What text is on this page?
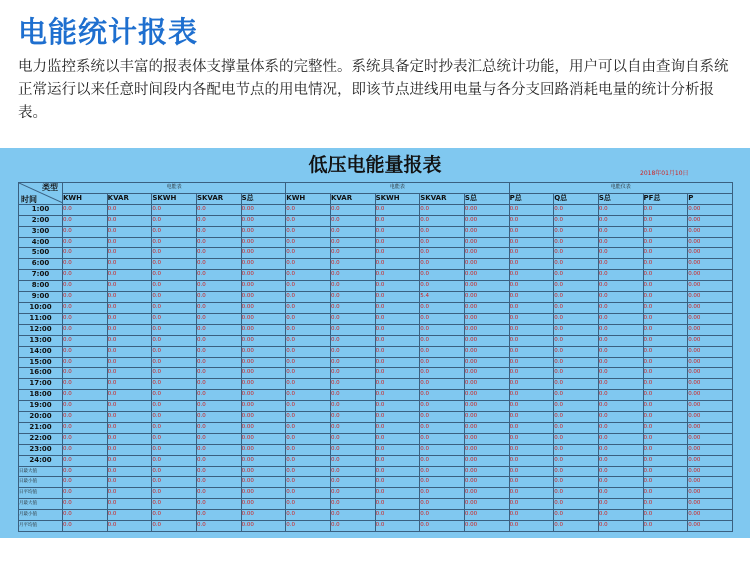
电能统计报表

电力监控系统以丰富的报表体支撑量体系的完整性。系统具备定时抄表汇总统计功能，用户可以自由查询自系统正常运行以来任意时间段内各配电节点的用电情况，即该节点进线用电量与各分支回路消耗电量的统计分析报表。

低压电能量报表	2018年01月10日
类型
时间	电能表					电能表					电能仪表				
	KWH	KVAR	SKWH	SKVAR	S总	KWH	KVAR	SKWH	SKVAR	S总	P总	Q总	S总	PF总	P
1:00	0.0	0.0	0.0	0.0	0.00	0.0	0.0	0.0	0.0	0.00	0.0	0.0	0.0	0.0	0.00
2:00	0.0	0.0	0.0	0.0	0.00	0.0	0.0	0.0	0.0	0.00	0.0	0.0	0.0	0.0	0.00
3:00	0.0	0.0	0.0	0.0	0.00	0.0	0.0	0.0	0.0	0.00	0.0	0.0	0.0	0.0	0.00
4:00	0.0	0.0	0.0	0.0	0.00	0.0	0.0	0.0	0.0	0.00	0.0	0.0	0.0	0.0	0.00
5:00	0.0	0.0	0.0	0.0	0.00	0.0	0.0	0.0	0.0	0.00	0.0	0.0	0.0	0.0	0.00
6:00	0.0	0.0	0.0	0.0	0.00	0.0	0.0	0.0	0.0	0.00	0.0	0.0	0.0	0.0	0.00
7:00	0.0	0.0	0.0	0.0	0.00	0.0	0.0	0.0	0.0	0.00	0.0	0.0	0.0	0.0	0.00
8:00	0.0	0.0	0.0	0.0	0.00	0.0	0.0	0.0	0.0	0.00	0.0	0.0	0.0	0.0	0.00
9:00	0.0	0.0	0.0	0.0	0.00	0.0	0.0	0.0	5.4	0.00	0.0	0.0	0.0	0.0	0.00
10:00	0.0	0.0	0.0	0.0	0.00	0.0	0.0	0.0	0.0	0.00	0.0	0.0	0.0	0.0	0.00
11:00	0.0	0.0	0.0	0.0	0.00	0.0	0.0	0.0	0.0	0.00	0.0	0.0	0.0	0.0	0.00
12:00	0.0	0.0	0.0	0.0	0.00	0.0	0.0	0.0	0.0	0.00	0.0	0.0	0.0	0.0	0.00
13:00	0.0	0.0	0.0	0.0	0.00	0.0	0.0	0.0	0.0	0.00	0.0	0.0	0.0	0.0	0.00
14:00	0.0	0.0	0.0	0.0	0.00	0.0	0.0	0.0	0.0	0.00	0.0	0.0	0.0	0.0	0.00
15:00	0.0	0.0	0.0	0.0	0.00	0.0	0.0	0.0	0.0	0.00	0.0	0.0	0.0	0.0	0.00
16:00	0.0	0.0	0.0	0.0	0.00	0.0	0.0	0.0	0.0	0.00	0.0	0.0	0.0	0.0	0.00
17:00	0.0	0.0	0.0	0.0	0.00	0.0	0.0	0.0	0.0	0.00	0.0	0.0	0.0	0.0	0.00
18:00	0.0	0.0	0.0	0.0	0.00	0.0	0.0	0.0	0.0	0.00	0.0	0.0	0.0	0.0	0.00
19:00	0.0	0.0	0.0	0.0	0.00	0.0	0.0	0.0	0.0	0.00	0.0	0.0	0.0	0.0	0.00
20:00	0.0	0.0	0.0	0.0	0.00	0.0	0.0	0.0	0.0	0.00	0.0	0.0	0.0	0.0	0.00
21:00	0.0	0.0	0.0	0.0	0.00	0.0	0.0	0.0	0.0	0.00	0.0	0.0	0.0	0.0	0.00
22:00	0.0	0.0	0.0	0.0	0.00	0.0	0.0	0.0	0.0	0.00	0.0	0.0	0.0	0.0	0.00
23:00	0.0	0.0	0.0	0.0	0.00	0.0	0.0	0.0	0.0	0.00	0.0	0.0	0.0	0.0	0.00
24:00	0.0	0.0	0.0	0.0	0.00	0.0	0.0	0.0	0.0	0.00	0.0	0.0	0.0	0.0	0.00
日最大值	0.0	0.0	0.0	0.0	0.00	0.0	0.0	0.0	0.0	0.00	0.0	0.0	0.0	0.0	0.00
日最小值	0.0	0.0	0.0	0.0	0.00	0.0	0.0	0.0	0.0	0.00	0.0	0.0	0.0	0.0	0.00
日平均值	0.0	0.0	0.0	0.0	0.00	0.0	0.0	0.0	0.0	0.00	0.0	0.0	0.0	0.0	0.00
月最大值	0.0	0.0	0.0	0.0	0.00	0.0	0.0	0.0	0.0	0.00	0.0	0.0	0.0	0.0	0.00
月最小值	0.0	0.0	0.0	0.0	0.00	0.0	0.0	0.0	0.0	0.00	0.0	0.0	0.0	0.0	0.00
月平均值	0.0	0.0	0.0	0.0	0.00	0.0	0.0	0.0	0.0	0.00	0.0	0.0	0.0	0.0	0.00
